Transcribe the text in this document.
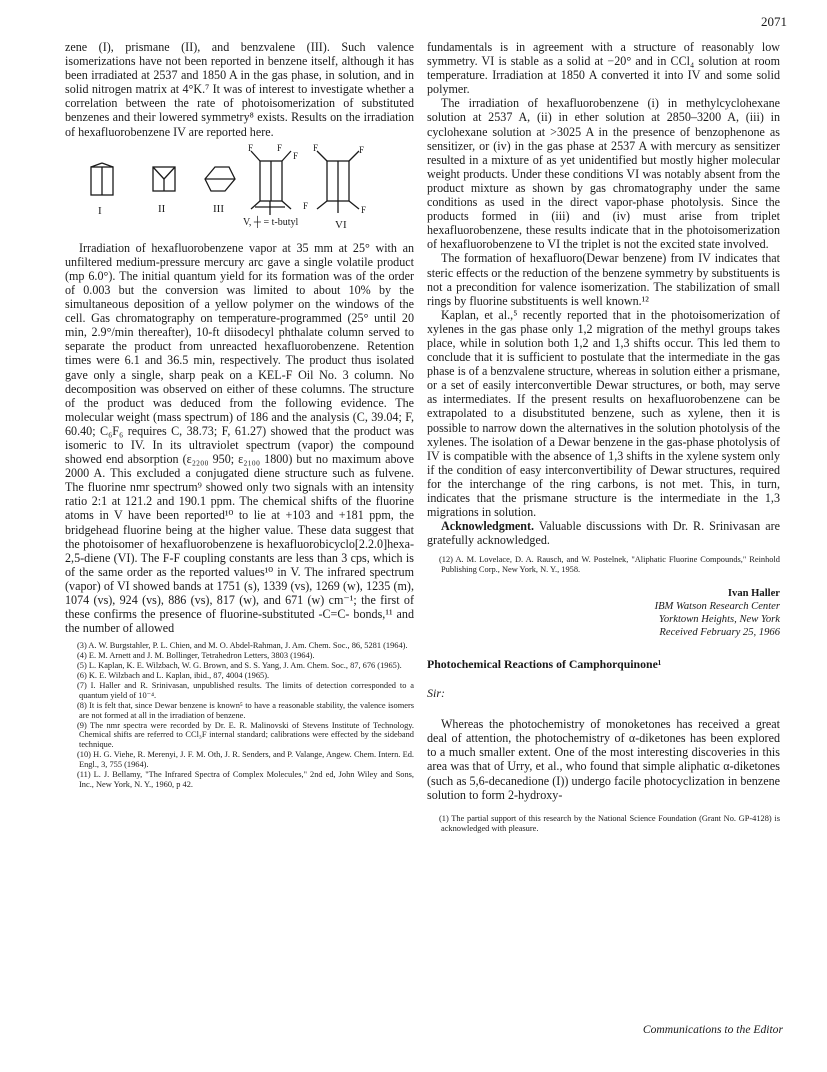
2071

zene (I), prismane (II), and benzvalene (III). Such valence isomerizations have not been reported in benzene itself, although it has been irradiated at 2537 and 1850 A in the gas phase, in solution, and in solid nitrogen matrix at 4°K.⁷ It was of interest to investigate whether a correlation between the rate of photoisomerization of substituted benzenes and their lowered symmetry⁸ exists. Results on the irradiation of hexafluorobenzene IV are reported here.

I	II	III
V, ┼ = t-butyl	VI
F	F
F
F	F
F	F

Irradiation of hexafluorobenzene vapor at 35 mm at 25° with an unfiltered medium-pressure mercury arc gave a single volatile product (mp 6.0°). The initial quantum yield for its formation was of the order of 0.003 but the conversion was limited to about 10% by the simultaneous deposition of a yellow polymer on the windows of the cell. Gas chromatography on temperature-programmed (25° until 20 min, 2.9°/min thereafter), 10-ft diisodecyl phthalate column served to separate the product from unreacted hexafluorobenzene. Retention times were 6.1 and 36.5 min, respectively. The product thus isolated gave only a single, sharp peak on a KEL-F Oil No. 3 column. No decomposition was observed on either of these columns. The structure of the product was deduced from the following evidence. The molecular weight (mass spectrum) of 186 and the analysis (C, 39.04; F, 60.40; C₆F₆ requires C, 38.73; F, 61.27) showed that the product was isomeric to IV. In its ultraviolet spectrum (vapor) the compound showed end absorption (ε₂₂₀₀ 950; ε₂₁₀₀ 1800) but no maximum above 2000 A. This excluded a conjugated diene structure such as fulvene. The fluorine nmr spectrum⁹ showed only two signals with an intensity ratio 2:1 at 121.2 and 190.1 ppm. The chemical shifts of the fluorine atoms in V have been reported¹⁰ to lie at +103 and +181 ppm, the bridgehead fluorine being at the higher value. These data suggest that the photoisomer of hexafluorobenzene is hexafluorobicyclo[2.2.0]hexa-2,5-diene (VI). The F-F coupling constants are less than 3 cps, which is of the same order as the reported values¹⁰ in V. The infrared spectrum (vapor) of VI showed bands at 1751 (s), 1339 (vs), 1269 (w), 1235 (m), 1074 (vs), 924 (vs), 886 (vs), 817 (w), and 671 (w) cm⁻¹; the first of these confirms the presence of fluorine-substituted -C=C- bonds,¹¹ and the number of allowed

(3) A. W. Burgstahler, P. L. Chien, and M. O. Abdel-Rahman, J. Am. Chem. Soc., 86, 5281 (1964).

(4) E. M. Arnett and J. M. Bollinger, Tetrahedron Letters, 3803 (1964).

(5) L. Kaplan, K. E. Wilzbach, W. G. Brown, and S. S. Yang, J. Am. Chem. Soc., 87, 676 (1965).

(6) K. E. Wilzbach and L. Kaplan, ibid., 87, 4004 (1965).

(7) I. Haller and R. Srinivasan, unpublished results. The limits of detection corresponded to a quantum yield of 10⁻⁴.

(8) It is felt that, since Dewar benzene is known⁵ to have a reasonable stability, the valence isomers are not formed at all in the irradiation of benzene.

(9) The nmr spectra were recorded by Dr. E. R. Malinovski of Stevens Institute of Technology. Chemical shifts are referred to CCl₃F internal standard; calibrations were effected by the sideband technique.

(10) H. G. Viehe, R. Merenyi, J. F. M. Oth, J. R. Senders, and P. Valange, Angew. Chem. Intern. Ed. Engl., 3, 755 (1964).

(11) L. J. Bellamy, "The Infrared Spectra of Complex Molecules," 2nd ed, John Wiley and Sons, Inc., New York, N. Y., 1960, p 42.

fundamentals is in agreement with a structure of reasonably low symmetry. VI is stable as a solid at −20° and in CCl₄ solution at room temperature. Irradiation at 1850 A converted it into IV and some solid polymer.

The irradiation of hexafluorobenzene (i) in methylcyclohexane solution at 2537 A, (ii) in ether solution at 2850–3200 A, (iii) in cyclohexane solution at >3025 A in the presence of benzophenone as sensitizer, or (iv) in the gas phase at 2537 A with mercury as sensitizer resulted in a mixture of as yet unidentified but mostly higher molecular weight products. Under these conditions VI was notably absent from the product mixture as shown by gas chromatography under the same conditions as used in the direct vapor-phase photolysis. Since the products formed in (iii) and (iv) must arise from triplet hexafluorobenzene, these results indicate that in the photoisomerization of hexafluorobenzene to VI the triplet is not the excited state involved.

The formation of hexafluoro(Dewar benzene) from IV indicates that steric effects or the reduction of the benzene symmetry by substituents is not a precondition for valence isomerization. The stabilization of small rings by fluorine substituents is well known.¹²

Kaplan, et al.,⁵ recently reported that in the photoisomerization of xylenes in the gas phase only 1,2 migration of the methyl groups takes place, while in solution both 1,2 and 1,3 shifts occur. This led them to conclude that it is sufficient to postulate that the intermediate in the gas phase is of a benzvalene structure, whereas in solution either a prismane, or a set of easily interconvertible Dewar structures, or both, may serve as intermediates. If the present results on hexafluorobenzene can be extrapolated to a disubstituted benzene, such as xylene, then it is possible to narrow down the alternatives in the solution photolysis of the xylenes. The isolation of a Dewar benzene in the gas-phase photolysis of IV is compatible with the absence of 1,3 shifts in the xylene system only if the condition of easy interconvertibility of Dewar structures, required for the interchange of the ring carbons, is not met. This, in turn, indicates that the prismane structure is the intermediate in the 1,3 migrations in solution.

Acknowledgment. Valuable discussions with Dr. R. Srinivasan are gratefully acknowledged.

(12) A. M. Lovelace, D. A. Rausch, and W. Postelnek, "Aliphatic Fluorine Compounds," Reinhold Publishing Corp., New York, N. Y., 1958.

Ivan Haller
IBM Watson Research Center
Yorktown Heights, New York
Received February 25, 1966
Photochemical Reactions of Camphorquinone¹
Sir:

Whereas the photochemistry of monoketones has received a great deal of attention, the photochemistry of α-diketones has been explored to a much smaller extent. One of the most interesting discoveries in this area was that of Urry, et al., who found that simple aliphatic α-diketones (such as 5,6-decanedione (I)) undergo facile photocyclization in benzene solution to form 2-hydroxy-

(1) The partial support of this research by the National Science Foundation (Grant No. GP-4128) is acknowledged with pleasure.

Communications to the Editor
